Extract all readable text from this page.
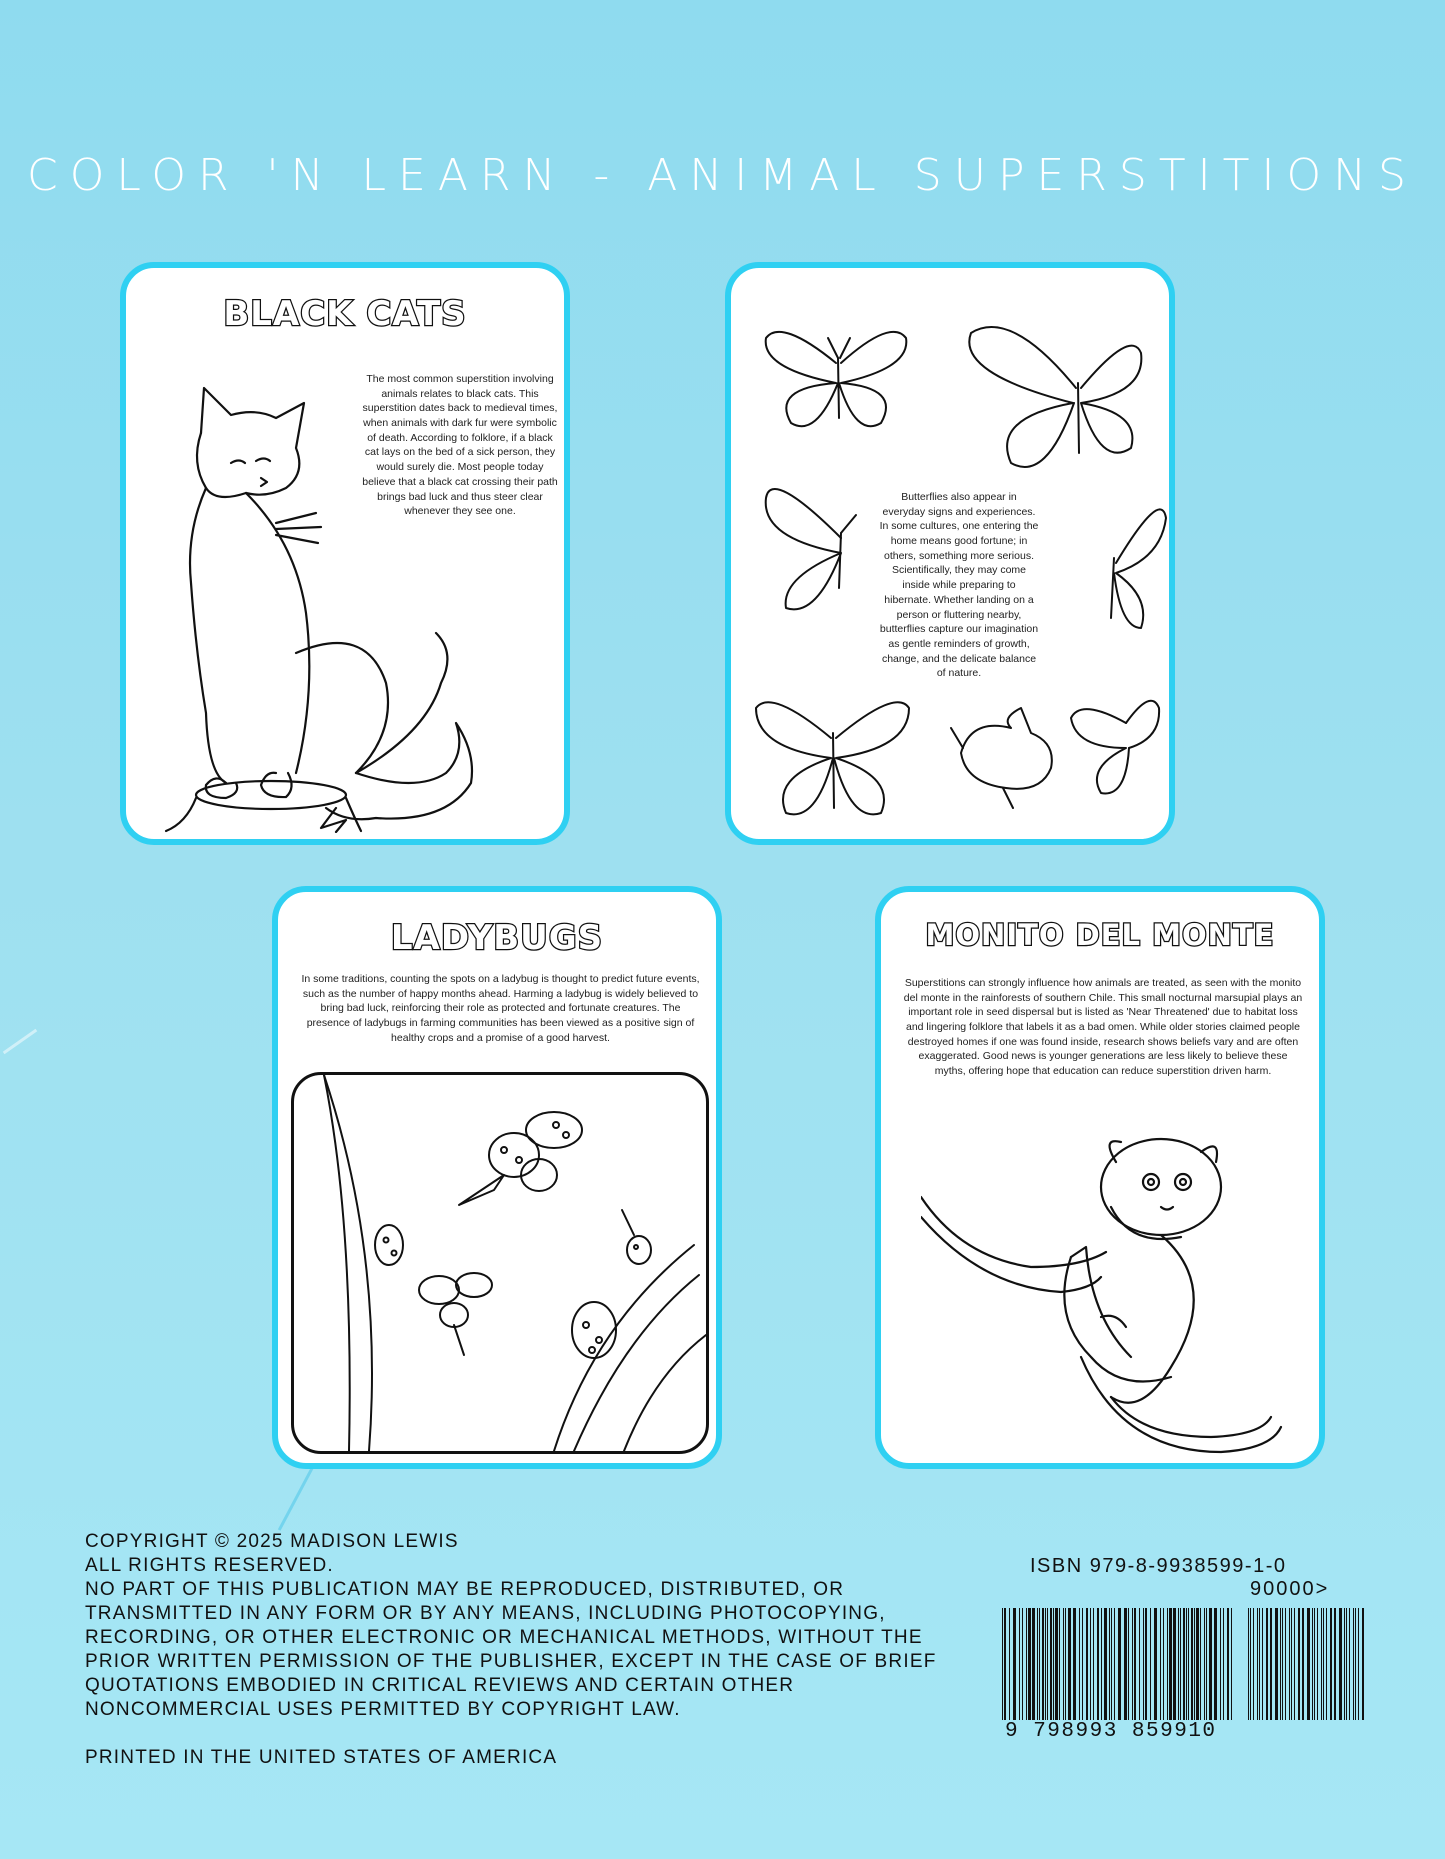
COLOR 'N LEARN - ANIMAL SUPERSTITIONS
BLACK CATS
The most common superstition involving animals relates to black cats. This superstition dates back to medieval times, when animals with dark fur were symbolic of death. According to folklore, if a black cat lays on the bed of a sick person, they would surely die. Most people today believe that a black cat crossing their path brings bad luck and thus steer clear whenever they see one.
Butterflies also appear in everyday signs and experiences. In some cultures, one entering the home means good fortune; in others, something more serious. Scientifically, they may come inside while preparing to hibernate. Whether landing on a person or fluttering nearby, butterflies capture our imagination as gentle reminders of growth, change, and the delicate balance of nature.
LADYBUGS
In some traditions, counting the spots on a ladybug is thought to predict future events, such as the number of happy months ahead. Harming a ladybug is widely believed to bring bad luck, reinforcing their role as protected and fortunate creatures. The presence of ladybugs in farming communities has been viewed as a positive sign of healthy crops and a promise of a good harvest.
MONITO DEL MONTE
Superstitions can strongly influence how animals are treated, as seen with the monito del monte in the rainforests of southern Chile. This small nocturnal marsupial plays an important role in seed dispersal but is listed as 'Near Threatened' due to habitat loss and lingering folklore that labels it as a bad omen. While older stories claimed people destroyed homes if one was found inside, research shows beliefs vary and are often exaggerated. Good news is younger generations are less likely to believe these myths, offering hope that education can reduce superstition driven harm.
COPYRIGHT © 2025 MADISON LEWIS
ALL RIGHTS RESERVED.
NO PART OF THIS PUBLICATION MAY BE REPRODUCED, DISTRIBUTED, OR
TRANSMITTED IN ANY FORM OR BY ANY MEANS, INCLUDING PHOTOCOPYING,
RECORDING, OR OTHER ELECTRONIC OR MECHANICAL METHODS, WITHOUT THE
PRIOR WRITTEN PERMISSION OF THE PUBLISHER, EXCEPT IN THE CASE OF BRIEF
QUOTATIONS EMBODIED IN CRITICAL REVIEWS AND CERTAIN OTHER
NONCOMMERCIAL USES PERMITTED BY COPYRIGHT LAW.
PRINTED IN THE UNITED STATES OF AMERICA
ISBN 979-8-9938599-1-0
90000>
9 798993 859910
